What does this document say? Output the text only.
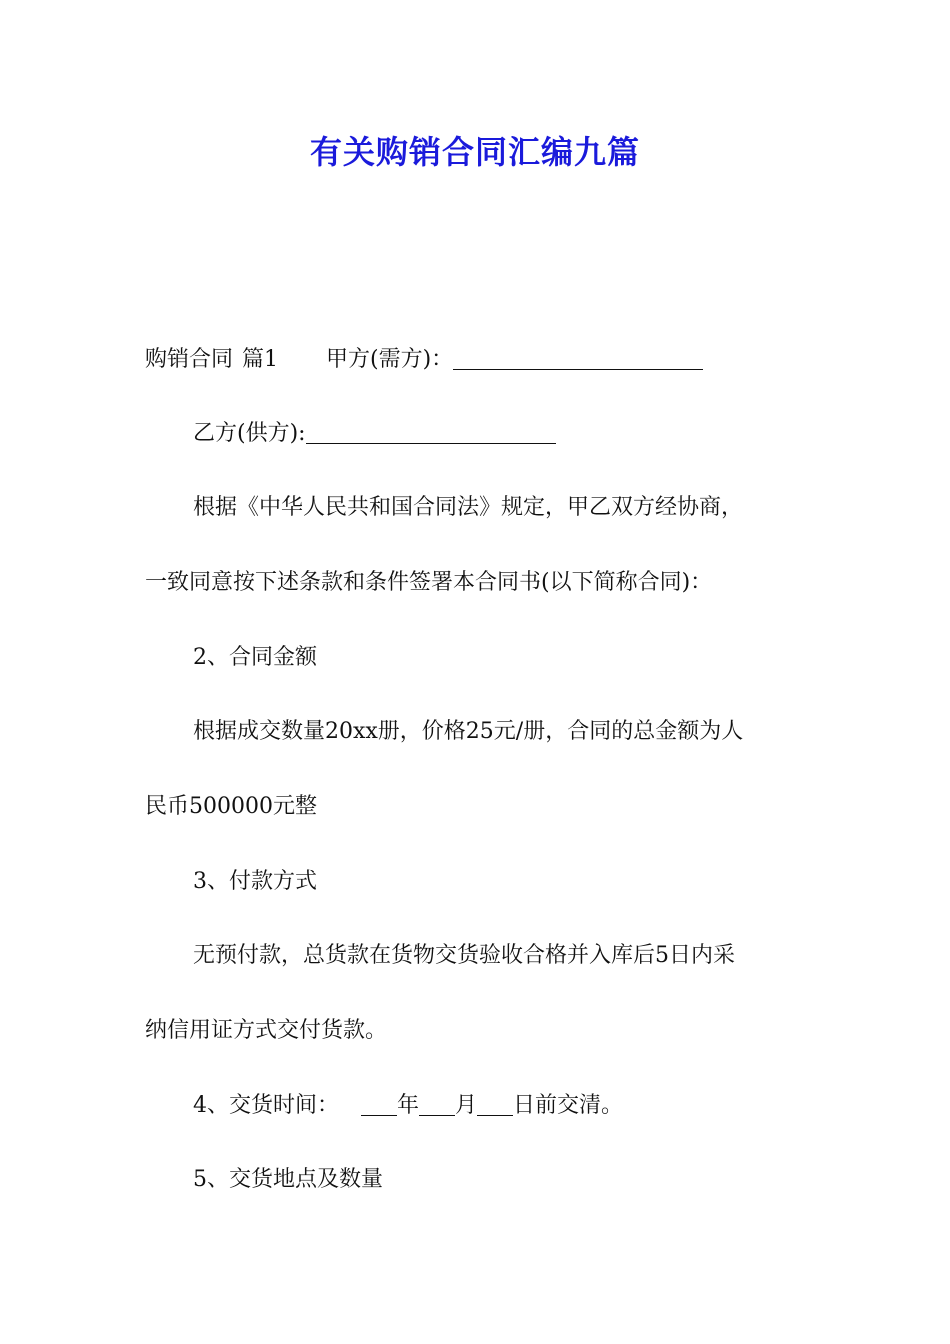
有关购销合同汇编九篇
购销合同 篇1 甲方(需方)：
乙方(供方):
根据《中华人民共和国合同法》规定，甲乙双方经协商，
一致同意按下述条款和条件签署本合同书(以下简称合同)：
2、合同金额
根据成交数量20xx册，价格25元/册，合同的总金额为人
民币500000元整
3、付款方式
无预付款，总货款在货物交货验收合格并入库后5日内采
纳信用证方式交付货款。
4、交货时间：	年 月 日前交清。
5、交货地点及数量
